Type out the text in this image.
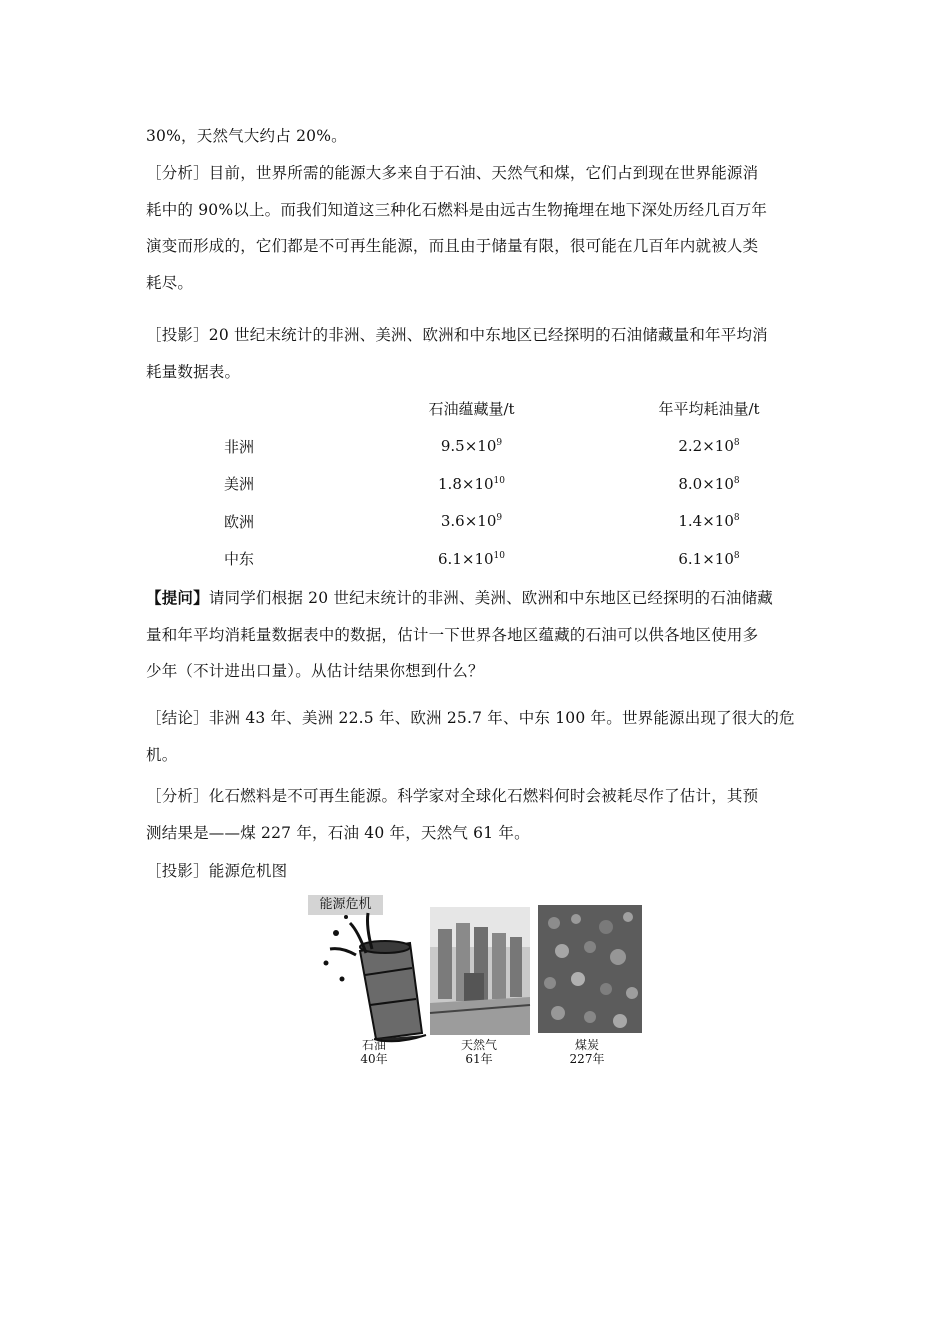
30%，天然气大约占 20%。
［分析］目前，世界所需的能源大多来自于石油、天然气和煤，它们占到现在世界能源消
耗中的 90%以上。而我们知道这三种化石燃料是由远古生物掩埋在地下深处历经几百万年
演变而形成的，它们都是不可再生能源，而且由于储量有限，很可能在几百年内就被人类
耗尽。
［投影］20 世纪末统计的非洲、美洲、欧洲和中东地区已经探明的石油储藏量和年平均消
耗量数据表。
	石油蕴藏量/t	年平均耗油量/t
非洲	$9.5\times 10^9$	$2.2\times 10^8$
美洲	$1.8\times 10^{10}$	$8.0\times 10^8$
欧洲	$3.6\times 10^9$	$1.4\times 10^8$
中东	$6.1\times 10^{10}$	$6.1\times 10^8$
【提问】请同学们根据 20 世纪末统计的非洲、美洲、欧洲和中东地区已经探明的石油储藏
量和年平均消耗量数据表中的数据，估计一下世界各地区蕴藏的石油可以供各地区使用多
少年（不计进出口量）。从估计结果你想到什么？
［结论］非洲 43 年、美洲 22.5 年、欧洲 25.7 年、中东 100 年。世界能源出现了很大的危
机。
［分析］化石燃料是不可再生能源。科学家对全球化石燃料何时会被耗尽作了估计，其预
测结果是——煤 227 年，石油 40 年，天然气 61 年。
［投影］能源危机图
能源危机
石油
40年
天然气
61年
煤炭
227年
